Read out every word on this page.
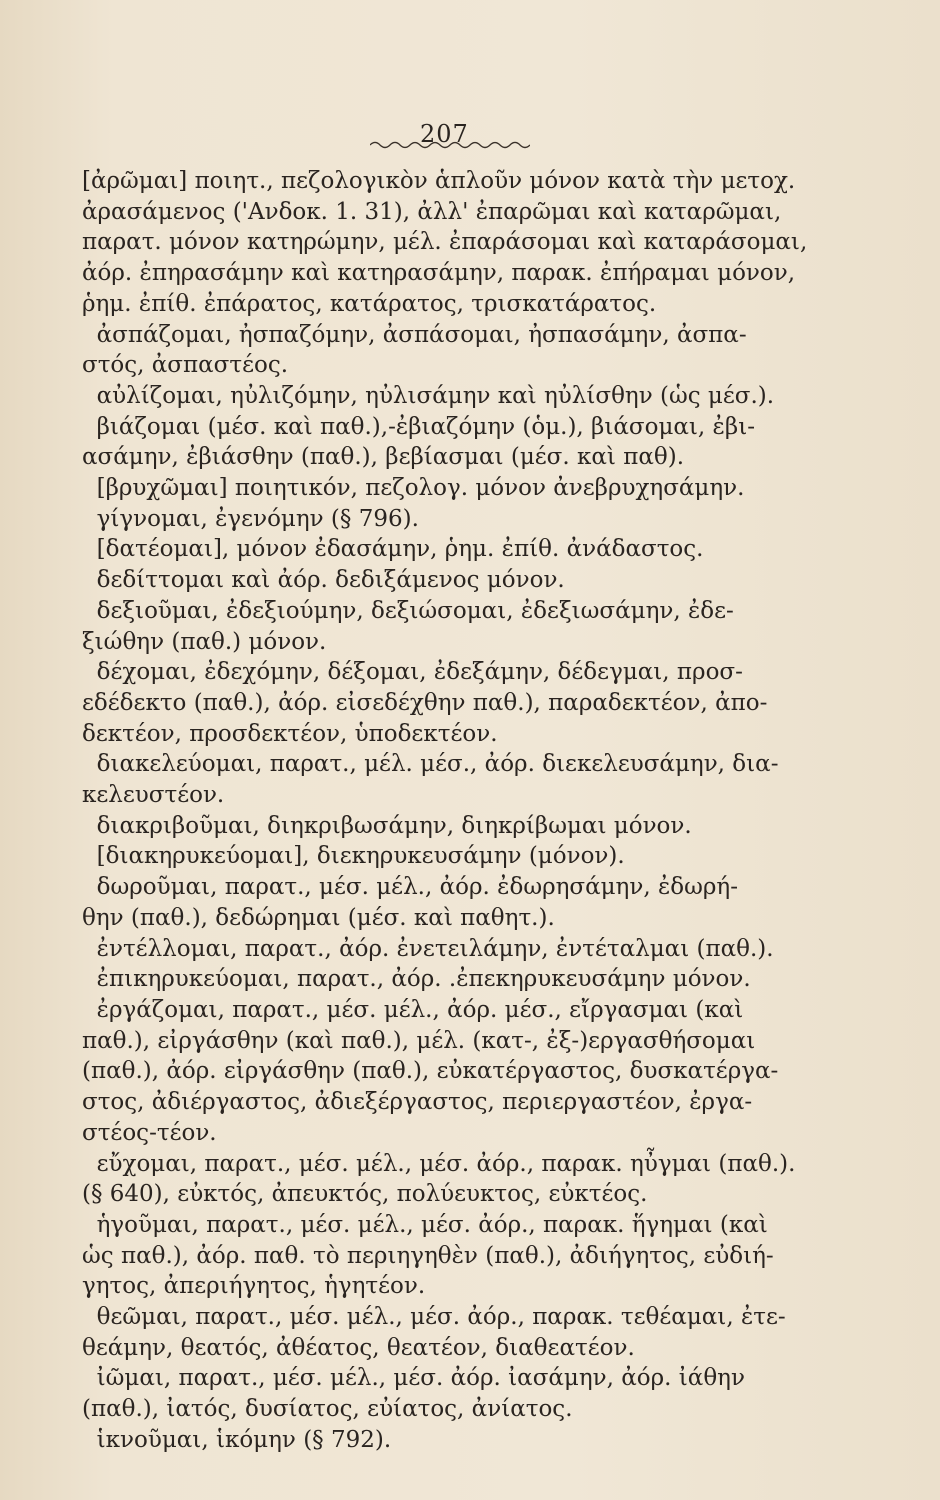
207
[ἀρῶμαι] ποιητ., πεζολογικὸν ἁπλοῦν μόνον κατὰ τὴν μετοχ.
ἀρασάμενος ('Ανδοκ. 1. 31), ἀλλ' ἐπαρῶμαι καὶ καταρῶμαι,
παρατ. μόνον κατηρώμην, μέλ. ἐπαράσομαι καὶ καταράσομαι,
ἀόρ. ἐπηρασάμην καὶ κατηρασάμην, παρακ. ἐπήραμαι μόνον,
ῥημ. ἐπίθ. ἐπάρατος, κατάρατος, τρισκατάρατος.
ἀσπάζομαι, ἠσπαζόμην, ἀσπάσομαι, ἠσπασάμην, ἀσπα-
στός, ἀσπαστέος.
αὐλίζομαι, ηὐλιζόμην, ηὐλισάμην καὶ ηὐλίσθην (ὡς μέσ.).
βιάζομαι (μέσ. καὶ παθ.),-ἐβιαζόμην (ὁμ.), βιάσομαι, ἐβι-
ασάμην, ἐβιάσθην (παθ.), βεβίασμαι (μέσ. καὶ παθ).
[βρυχῶμαι] ποιητικόν, πεζολογ. μόνον ἀνεβρυχησάμην.
γίγνομαι, ἐγενόμην (§ 796).
[δατέομαι], μόνον ἐδασάμην, ῥημ. ἐπίθ. ἀνάδαστος.
δεδίττομαι καὶ ἀόρ. δεδιξάμενος μόνον.
δεξιοῦμαι, ἐδεξιούμην, δεξιώσομαι, ἐδεξιωσάμην, ἐδε-
ξιώθην (παθ.) μόνον.
δέχομαι, ἐδεχόμην, δέξομαι, ἐδεξάμην, δέδεγμαι, προσ-
εδέδεκτο (παθ.), ἀόρ. εἰσεδέχθην παθ.), παραδεκτέον, ἀπο-
δεκτέον, προσδεκτέον, ὑποδεκτέον.
διακελεύομαι, παρατ., μέλ. μέσ., ἀόρ. διεκελευσάμην, δια-
κελευστέον.
διακριβοῦμαι, διηκριβωσάμην, διηκρίβωμαι μόνον.
[διακηρυκεύομαι], διεκηρυκευσάμην (μόνον).
δωροῦμαι, παρατ., μέσ. μέλ., ἀόρ. ἐδωρησάμην, ἐδωρή-
θην (παθ.), δεδώρημαι (μέσ. καὶ παθητ.).
ἐντέλλομαι, παρατ., ἀόρ. ἐνετειλάμην, ἐντέταλμαι (παθ.).
ἐπικηρυκεύομαι, παρατ., ἀόρ. .ἐπεκηρυκευσάμην μόνον.
ἐργάζομαι, παρατ., μέσ. μέλ., ἀόρ. μέσ., εἴργασμαι (καὶ
παθ.), εἰργάσθην (καὶ παθ.), μέλ. (κατ-, ἐξ-)εργασθήσομαι
(παθ.), ἀόρ. εἰργάσθην (παθ.), εὐκατέργαστος, δυσκατέργα-
στος, ἀδιέργαστος, ἀδιεξέργαστος, περιεργαστέον, ἐργα-
στέος-τέον.
εὔχομαι, παρατ., μέσ. μέλ., μέσ. ἀόρ., παρακ. ηὖγμαι (παθ.).
(§ 640), εὐκτός, ἀπευκτός, πολύευκτος, εὐκτέος.
ἡγοῦμαι, παρατ., μέσ. μέλ., μέσ. ἀόρ., παρακ. ἥγημαι (καὶ
ὡς παθ.), ἀόρ. παθ. τὸ περιηγηθὲν (παθ.), ἀδιήγητος, εὐδιή-
γητος, ἀπεριήγητος, ἡγητέον.
θεῶμαι, παρατ., μέσ. μέλ., μέσ. ἀόρ., παρακ. τεθέαμαι, ἐτε-
θεάμην, θεατός, ἀθέατος, θεατέον, διαθεατέον.
ἰῶμαι, παρατ., μέσ. μέλ., μέσ. ἀόρ. ἰασάμην, ἀόρ. ἰάθην
(παθ.), ἰατός, δυσίατος, εὐίατος, ἀνίατος.
ἱκνοῦμαι, ἱκόμην (§ 792).
